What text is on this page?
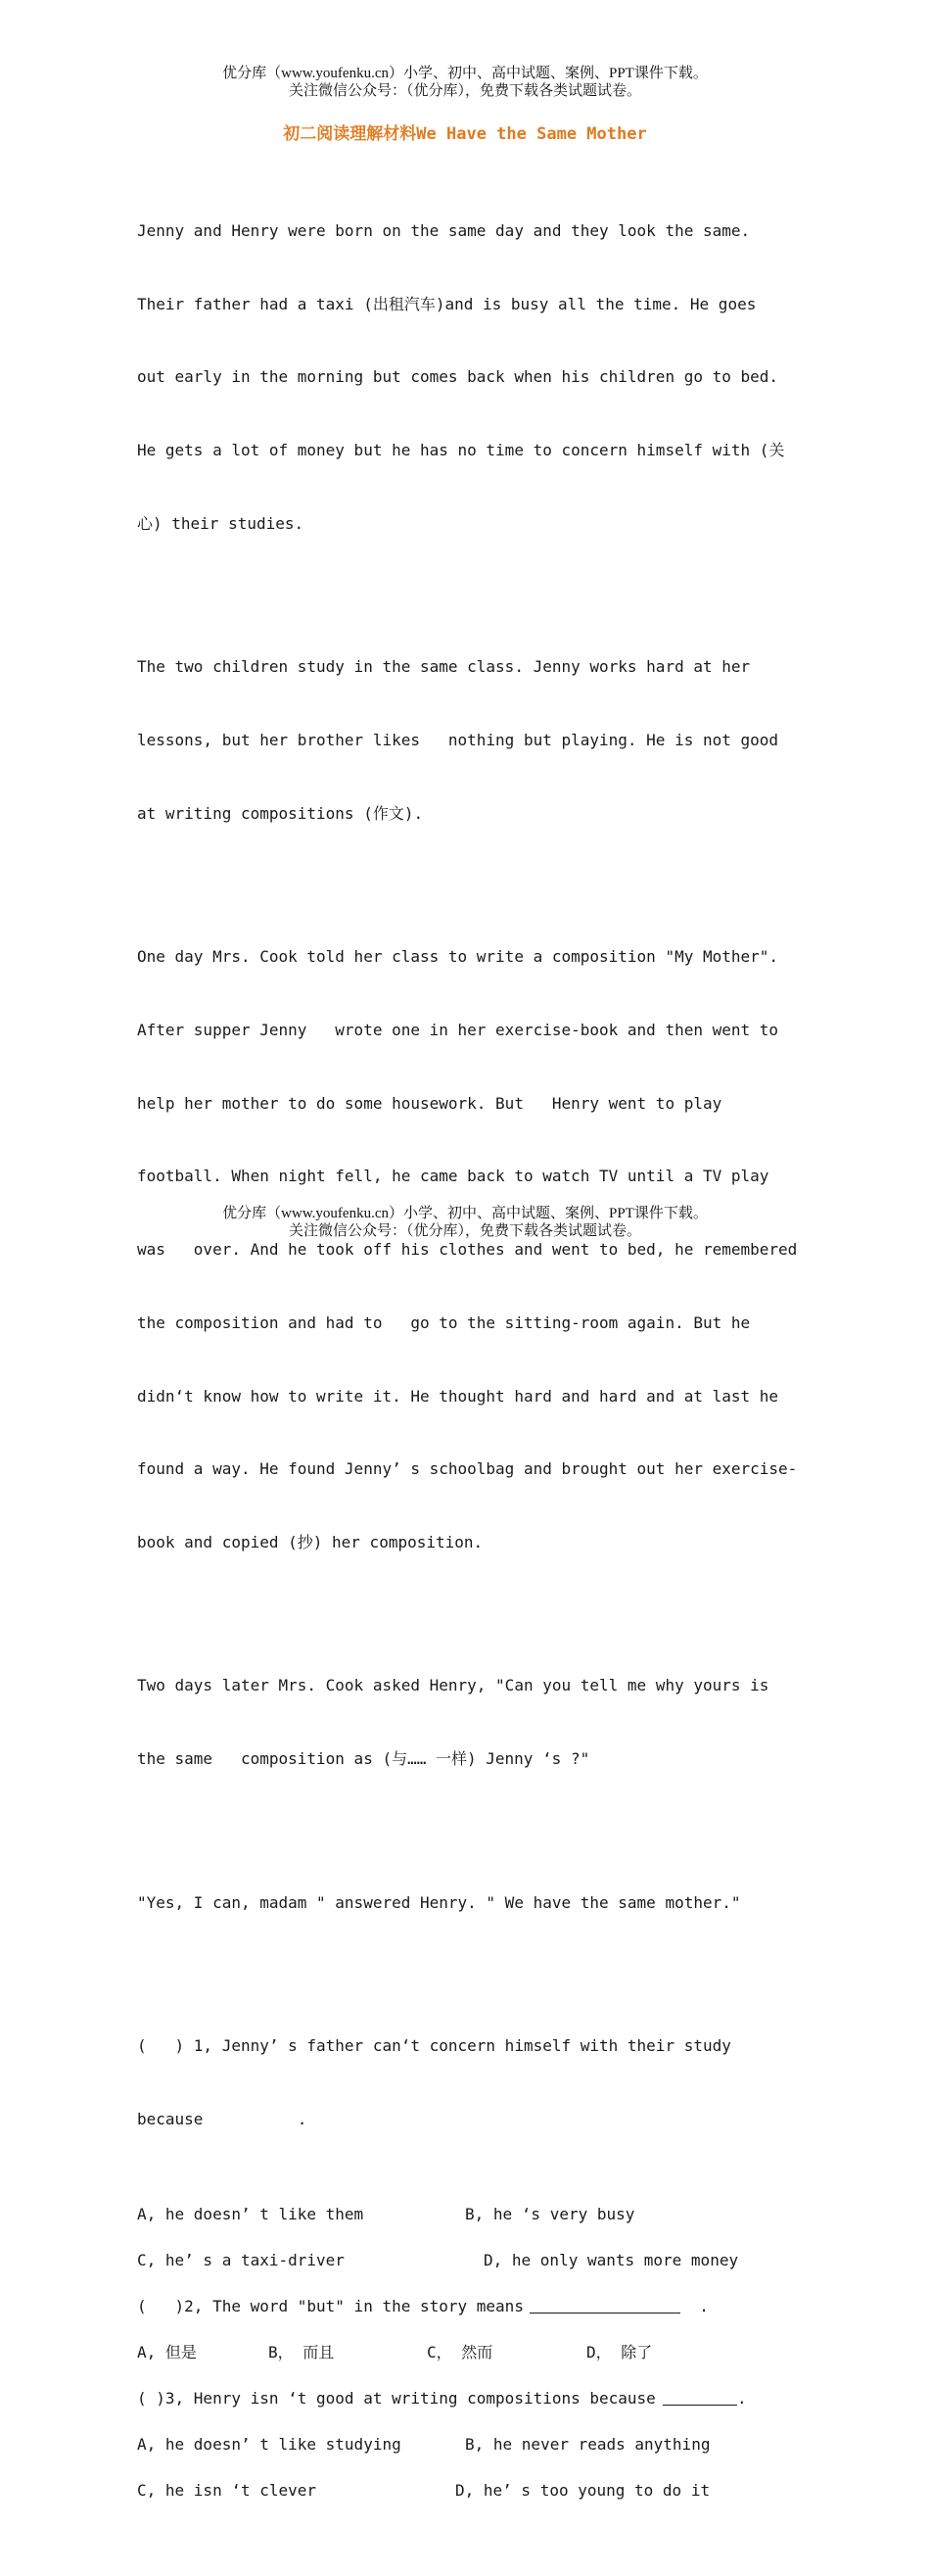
优分库（www.youfenku.cn）小学、初中、高中试题、案例、PPT课件下载。
关注微信公众号：（优分库），免费下载各类试题试卷。
初二阅读理解材料We Have the Same Mother

Jenny and Henry were born on the same day and they look the same.

Their father had a taxi (出租汽车)and is busy all the time. He goes

out early in the morning but comes back when his children go to bed.

He gets a lot of money but he has no time to concern himself with (关

心) their studies.

The two children study in the same class. Jenny works hard at her

lessons, but her brother likes   nothing but playing. He is not good

at writing compositions (作文).

One day Mrs. Cook told her class to write a composition "My Mother".

After supper Jenny   wrote one in her exercise-book and then went to

help her mother to do some housework. But   Henry went to play

football. When night fell, he came back to watch TV until a TV play

was   over. And he took off his clothes and went to bed, he remembered

the composition and had to   go to the sitting-room again. But he

didn‘t know how to write it. He thought hard and hard and at last he

found a way. He found Jenny’ s schoolbag and brought out her exercise-

book and copied (抄) her composition.

Two days later Mrs. Cook asked Henry, "Can you tell me why yours is

the same   composition as (与…… 一样) Jenny ‘s ?"

"Yes, I can, madam " answered Henry. " We have the same mother."

(   ) 1, Jenny’ s father can‘t concern himself with their study

because          .

A, he doesn’ t like them

	B, he ‘s very busy

C, he’ s a taxi-driver

	D, he only wants more money

(   )2, The word "but" in the story means

	.

A, 但是

	B， 而且

	C， 然而

	D， 除了

( )3, Henry isn ‘t good at writing compositions because

	.

A, he doesn’ t like studying

	B, he never reads anything

C, he isn ‘t clever

	D, he’ s too young to do it

优分库（www.youfenku.cn）小学、初中、高中试题、案例、PPT课件下载。
关注微信公众号：（优分库），免费下载各类试题试卷。
